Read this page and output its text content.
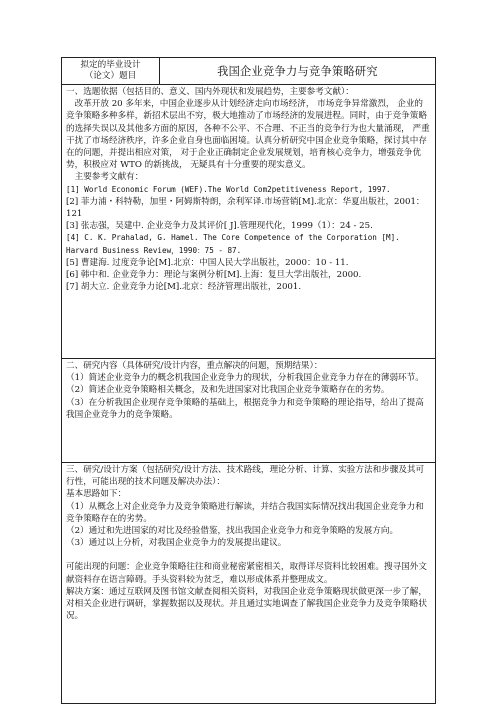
拟定的毕业设计
（论文）题目	我国企业竞争力与竞争策略研究

一、选题依据（包括目的、意义、国内外现状和发展趋势，主要参考文献）：

改革开放 20 多年来，中国企业逐步从计划经济走向市场经济， 市场竞争异常激烈， 企业的竞争策略多种多样，新招术层出不穷，极大地推动了市场经济的发展进程。同时，由于竞争策略的选择失误以及其他多方面的原因，各种不公平、不合理、不正当的竞争行为也大量涌现， 严重干扰了市场经济秩序，许多企业自身也面临困境。认真分析研究中国企业竞争策略，探讨其中存在的问题，并提出相应对策， 对于企业正确制定企业发展规划，培育核心竞争力，增强竞争优势，积极应对 WTO 的新挑战， 无疑具有十分重要的现实意义。

主要参考文献有：

[1] World Economic Forum (WEF).The World Com2petitiveness Report, 1997.

[2] 菲力浦・科特勒，加里・阿姆斯特朗，余利军译.市场营销[M].北京：华夏出版社，2001：121

[3] 张志强，吴建中. 企业竞争力及其评价[ J].管理现代化，1999（1）：24 - 25.

[4] C. K. Prahalad, G. Hamel. The Core Competence of the Corporation [M]. Harvard Business Review，1990：75 - 87.

[5] 曹建海. 过度竞争论[M].北京：中国人民大学出版社，2000：10 - 11.

[6] 韩中和. 企业竞争力：理论与案例分析[M].上海：复旦大学出版社，2000.

[7] 胡大立. 企业竞争力论[M].北京：经济管理出版社，2001.

二、研究内容（具体研究/设计内容，重点解决的问题，预期结果）：

（1）简述企业竞争力的概念机我国企业竞争力的现状，分析我国企业竞争力存在的薄弱环节。

（2）简述企业竞争策略相关概念，及和先进国家对比我国企业竞争策略存在的劣势。

（3）在分析我国企业现存竞争策略的基础上，根据竞争力和竞争策略的理论指导，给出了提高我国企业竞争力的竞争策略。

三、研究/设计方案（包括研究/设计方法、技术路线，理论分析、计算、实验方法和步骤及其可行性，可能出现的技术问题及解决办法）：

基本思路如下：

（1）从概念上对企业竞争力及竞争策略进行解读，并结合我国实际情况找出我国企业竞争力和竞争策略存在的劣势。

（2）通过和先进国家的对比及经验借鉴，找出我国企业竞争力和竞争策略的发展方向。

（3）通过以上分析，对我国企业竞争力的发展提出建议。

可能出现的问题：企业竞争策略往往和商业秘密紧密相关，取得详尽资料比较困难。搜寻国外文献资料存在语言障碍。手头资料较为贫乏，难以形成体系并整理成文。

解决方案：通过互联网及图书馆文献查阅相关资料，对我国企业竞争策略现状做更深一步了解，对相关企业进行调研，掌握数据以及现状。并且通过实地调查了解我国企业竞争力及竞争策略状况。
